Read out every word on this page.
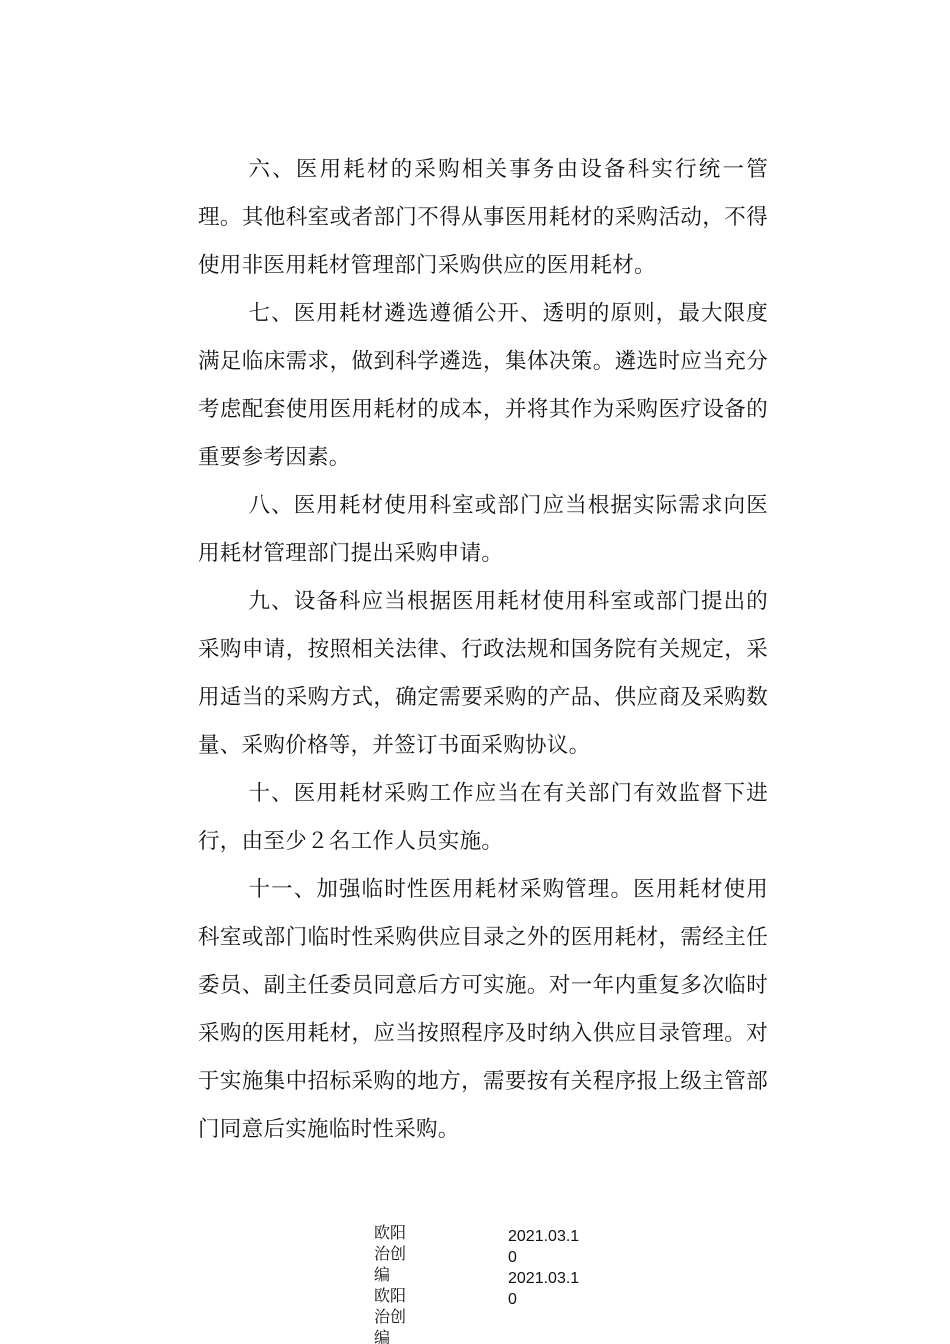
六、医用耗材的采购相关事务由设备科实行统一管理。其他科室或者部门不得从事医用耗材的采购活动，不得使用非医用耗材管理部门采购供应的医用耗材。

七、医用耗材遴选遵循公开、透明的原则，最大限度满足临床需求，做到科学遴选，集体决策。遴选时应当充分考虑配套使用医用耗材的成本，并将其作为采购医疗设备的重要参考因素。

八、医用耗材使用科室或部门应当根据实际需求向医用耗材管理部门提出采购申请。

九、设备科应当根据医用耗材使用科室或部门提出的采购申请，按照相关法律、行政法规和国务院有关规定，采用适当的采购方式，确定需要采购的产品、供应商及采购数量、采购价格等，并签订书面采购协议。

十、医用耗材采购工作应当在有关部门有效监督下进行，由至少２名工作人员实施。

十一、加强临时性医用耗材采购管理。医用耗材使用科室或部门临时性采购供应目录之外的医用耗材，需经主任委员、副主任委员同意后方可实施。对一年内重复多次临时采购的医用耗材，应当按照程序及时纳入供应目录管理。对于实施集中招标采购的地方，需要按有关程序报上级主管部门同意后实施临时性采购。

欧阳治创编
欧阳治创编
2021.03.10
2021.03.10
